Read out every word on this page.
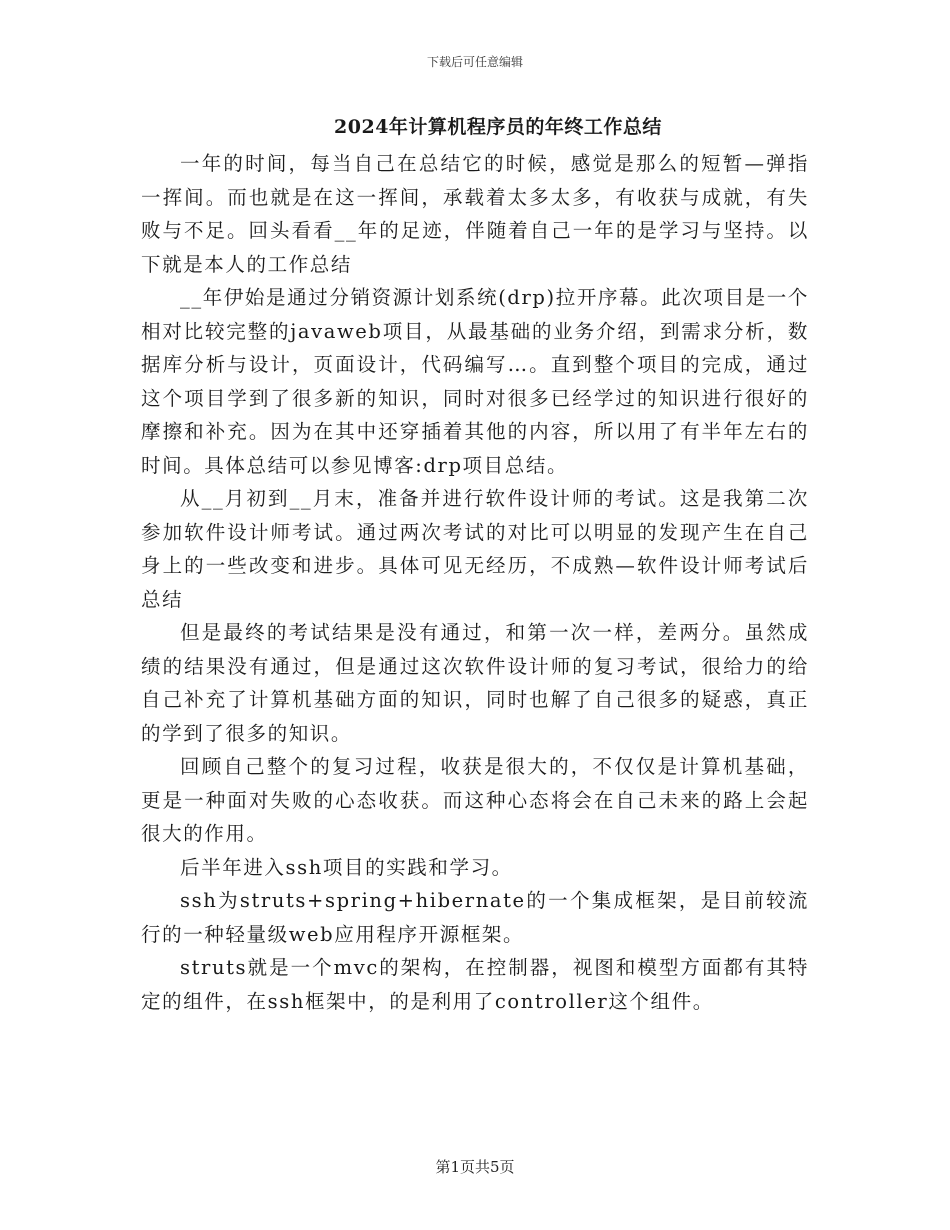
下载后可任意编辑
2024年计算机程序员的年终工作总结

一年的时间，每当自己在总结它的时候，感觉是那么的短暂—弹指一挥间。而也就是在这一挥间，承载着太多太多，有收获与成就，有失败与不足。回头看看__年的足迹，伴随着自己一年的是学习与坚持。以下就是本人的工作总结

__年伊始是通过分销资源计划系统(drp)拉开序幕。此次项目是一个相对比较完整的javaweb项目，从最基础的业务介绍，到需求分析，数据库分析与设计，页面设计，代码编写…。直到整个项目的完成，通过这个项目学到了很多新的知识，同时对很多已经学过的知识进行很好的摩擦和补充。因为在其中还穿插着其他的内容，所以用了有半年左右的时间。具体总结可以参见博客:drp项目总结。

从__月初到__月末，准备并进行软件设计师的考试。这是我第二次参加软件设计师考试。通过两次考试的对比可以明显的发现产生在自己身上的一些改变和进步。具体可见无经历，不成熟—软件设计师考试后总结

但是最终的考试结果是没有通过，和第一次一样，差两分。虽然成绩的结果没有通过，但是通过这次软件设计师的复习考试，很给力的给自己补充了计算机基础方面的知识，同时也解了自己很多的疑惑，真正的学到了很多的知识。

回顾自己整个的复习过程，收获是很大的，不仅仅是计算机基础，更是一种面对失败的心态收获。而这种心态将会在自己未来的路上会起很大的作用。

后半年进入ssh项目的实践和学习。

ssh为struts+spring+hibernate的一个集成框架，是目前较流行的一种轻量级web应用程序开源框架。

struts就是一个mvc的架构，在控制器，视图和模型方面都有其特定的组件，在ssh框架中，的是利用了controller这个组件。

第1页共5页
